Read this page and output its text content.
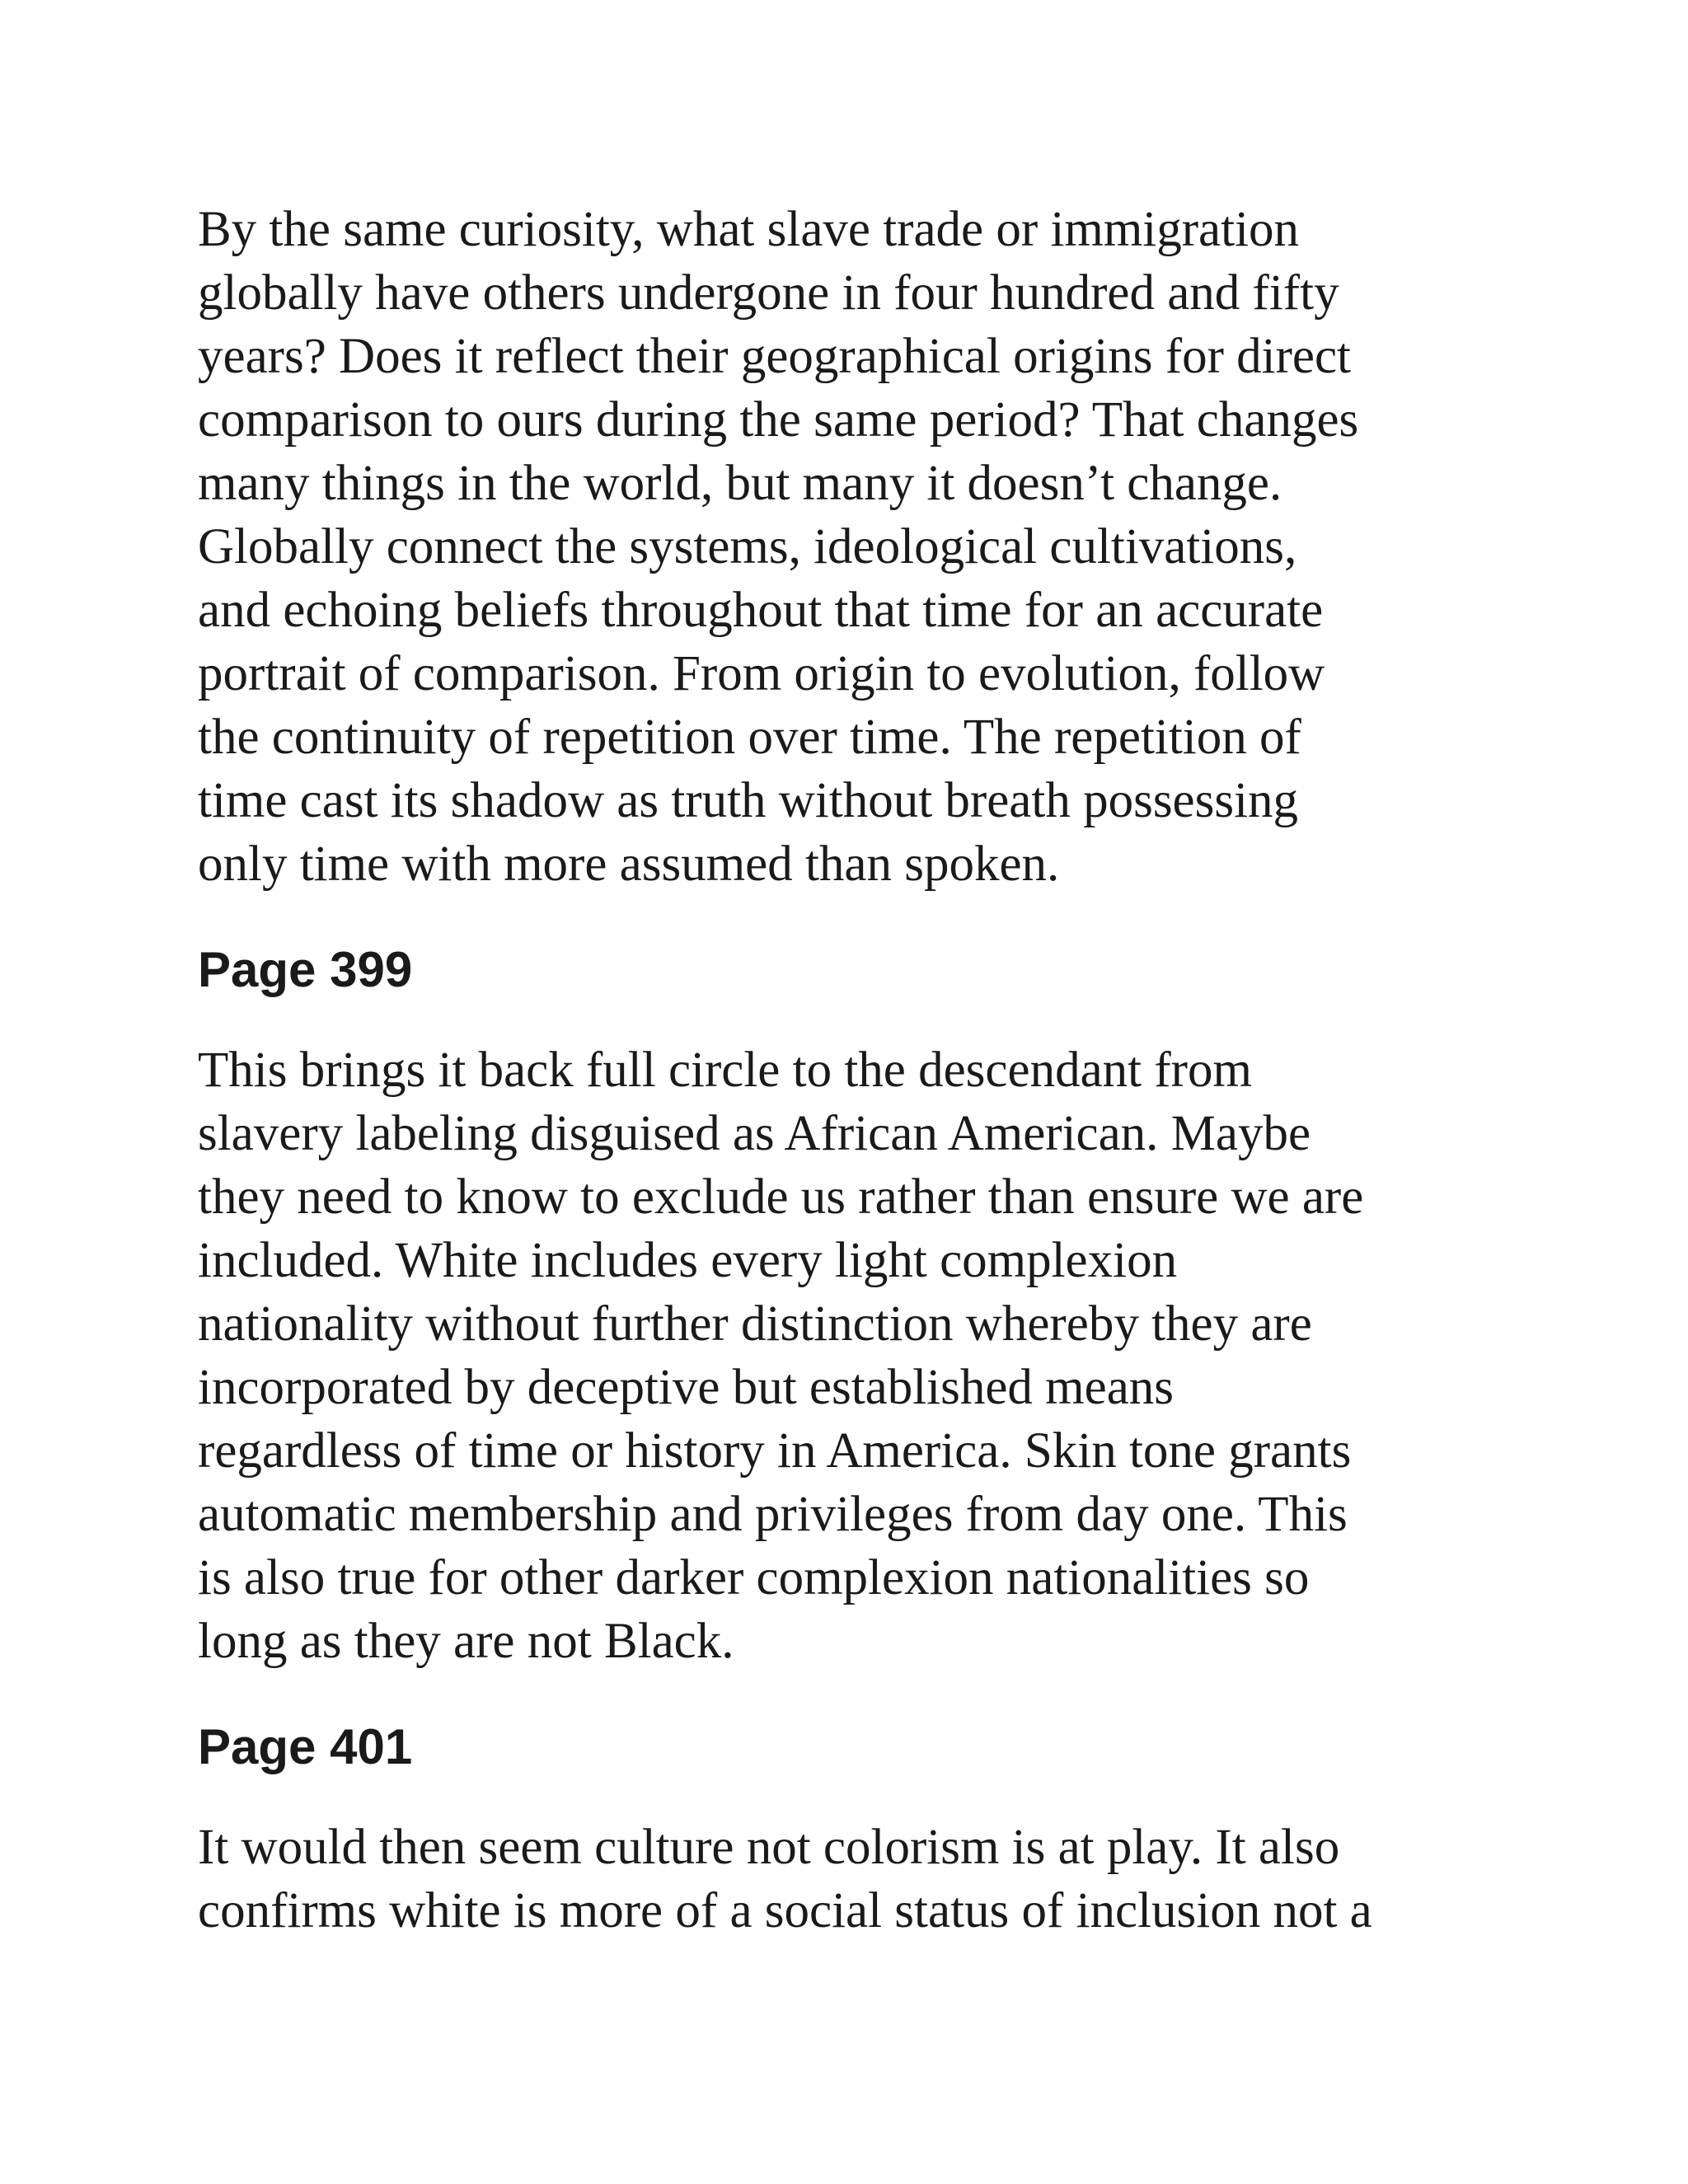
By the same curiosity, what slave trade or immigration
globally have others undergone in four hundred and fifty
years? Does it reflect their geographical origins for direct
comparison to ours during the same period? That changes
many things in the world, but many it doesn’t change.
Globally connect the systems, ideological cultivations,
and echoing beliefs throughout that time for an accurate
portrait of comparison. From origin to evolution, follow
the continuity of repetition over time. The repetition of
time cast its shadow as truth without breath possessing
only time with more assumed than spoken.
Page 399
This brings it back full circle to the descendant from
slavery labeling disguised as African American. Maybe
they need to know to exclude us rather than ensure we are
included. White includes every light complexion
nationality without further distinction whereby they are
incorporated by deceptive but established means
regardless of time or history in America. Skin tone grants
automatic membership and privileges from day one. This
is also true for other darker complexion nationalities so
long as they are not Black.
Page 401
It would then seem culture not colorism is at play. It also
confirms white is more of a social status of inclusion not a
